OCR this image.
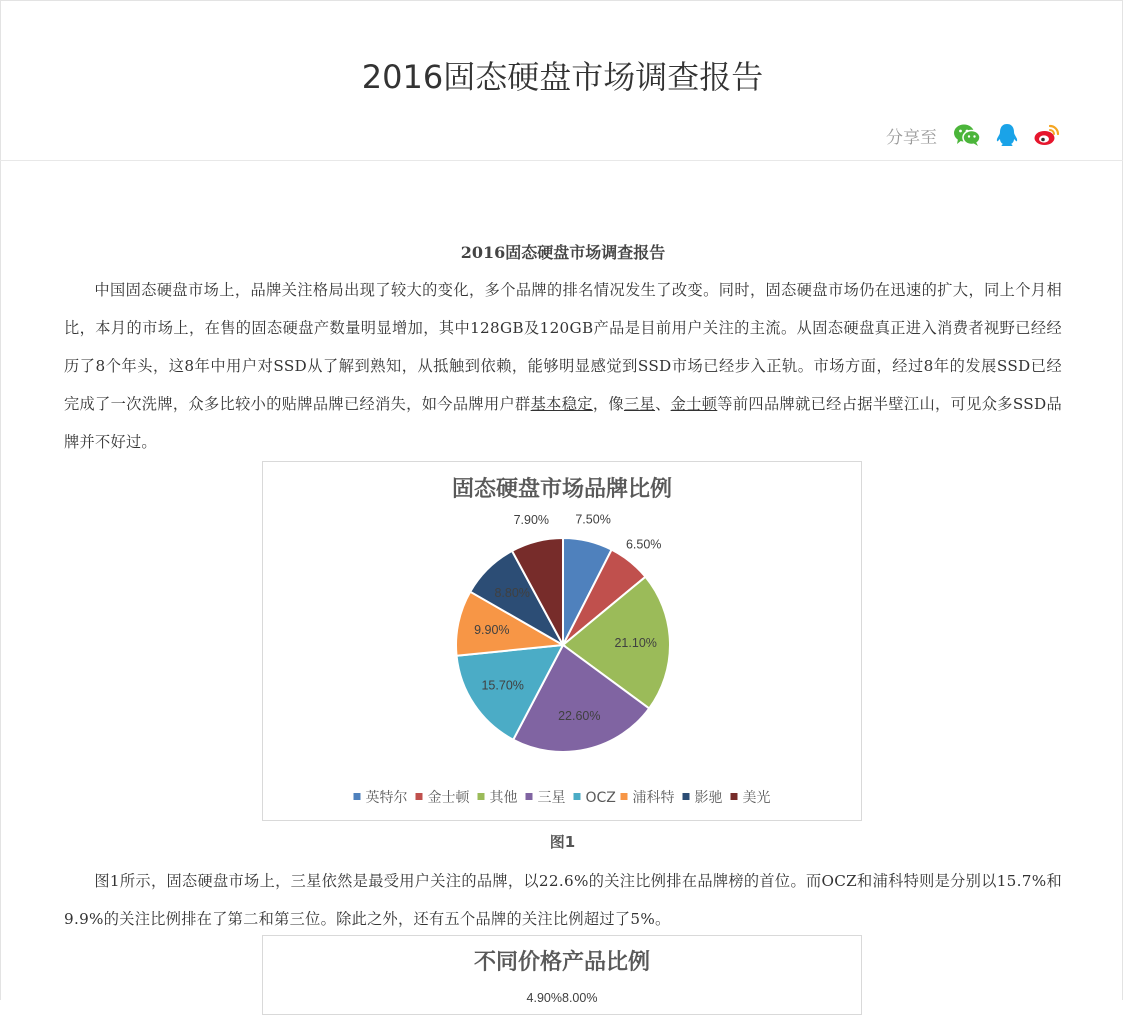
2016固态硬盘市场调查报告
分享至
2016固态硬盘市场调查报告

中国固态硬盘市场上，品牌关注格局出现了较大的变化，多个品牌的排名情况发生了改变。同时，固态硬盘市场仍在迅速的扩大，同上个月相比，本月的市场上，在售的固态硬盘产数量明显增加，其中128GB及120GB产品是目前用户关注的主流。从固态硬盘真正进入消费者视野已经经历了8个年头，这8年中用户对SSD从了解到熟知，从抵触到依赖，能够明显感觉到SSD市场已经步入正轨。市场方面，经过8年的发展SSD已经完成了一次洗牌，众多比较小的贴牌品牌已经消失，如今品牌用户群基本稳定，像三星、金士顿等前四品牌就已经占据半壁江山，可见众多SSD品牌并不好过。

固态硬盘市场品牌比例
7.50%
6.50%
21.10%
22.60%
15.70%
9.90%
8.80%
7.90%
英特尔 金士顿 其他 三星 OCZ 浦科特 影驰 美光
图1

图1所示，固态硬盘市场上，三星依然是最受用户关注的品牌，以22.6%的关注比例排在品牌榜的首位。而OCZ和浦科特则是分别以15.7%和9.9%的关注比例排在了第二和第三位。除此之外，还有五个品牌的关注比例超过了5%。

不同价格产品比例
4.90%8.00%
